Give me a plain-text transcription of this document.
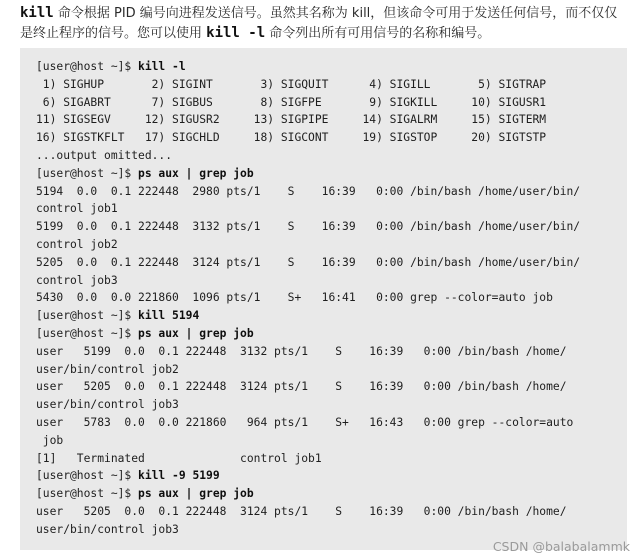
kill 命令根据 PID 编号向进程发送信号。虽然其名称为 kill，但该命令可用于发送任何信号，而不仅仅是终止程序的信号。您可以使用 kill -l 命令列出所有可用信号的名称和编号。
[user@host ~]$ kill -l
1) SIGHUP       2) SIGINT       3) SIGQUIT      4) SIGILL       5) SIGTRAP
6) SIGABRT      7) SIGBUS       8) SIGFPE       9) SIGKILL     10) SIGUSR1
11) SIGSEGV     12) SIGUSR2     13) SIGPIPE     14) SIGALRM     15) SIGTERM
16) SIGSTKFLT   17) SIGCHLD     18) SIGCONT     19) SIGSTOP     20) SIGTSTP
...output omitted...
[user@host ~]$ ps aux | grep job
5194  0.0  0.1 222448  2980 pts/1    S    16:39   0:00 /bin/bash /home/user/bin/
control job1
5199  0.0  0.1 222448  3132 pts/1    S    16:39   0:00 /bin/bash /home/user/bin/
control job2
5205  0.0  0.1 222448  3124 pts/1    S    16:39   0:00 /bin/bash /home/user/bin/
control job3
5430  0.0  0.0 221860  1096 pts/1    S+   16:41   0:00 grep --color=auto job
[user@host ~]$ kill 5194
[user@host ~]$ ps aux | grep job
user   5199  0.0  0.1 222448  3132 pts/1    S    16:39   0:00 /bin/bash /home/
user/bin/control job2
user   5205  0.0  0.1 222448  3124 pts/1    S    16:39   0:00 /bin/bash /home/
user/bin/control job3
user   5783  0.0  0.0 221860   964 pts/1    S+   16:43   0:00 grep --color=auto
job
[1]   Terminated              control job1
[user@host ~]$ kill -9 5199
[user@host ~]$ ps aux | grep job
user   5205  0.0  0.1 222448  3124 pts/1    S    16:39   0:00 /bin/bash /home/
user/bin/control job3
CSDN @balabalammk
